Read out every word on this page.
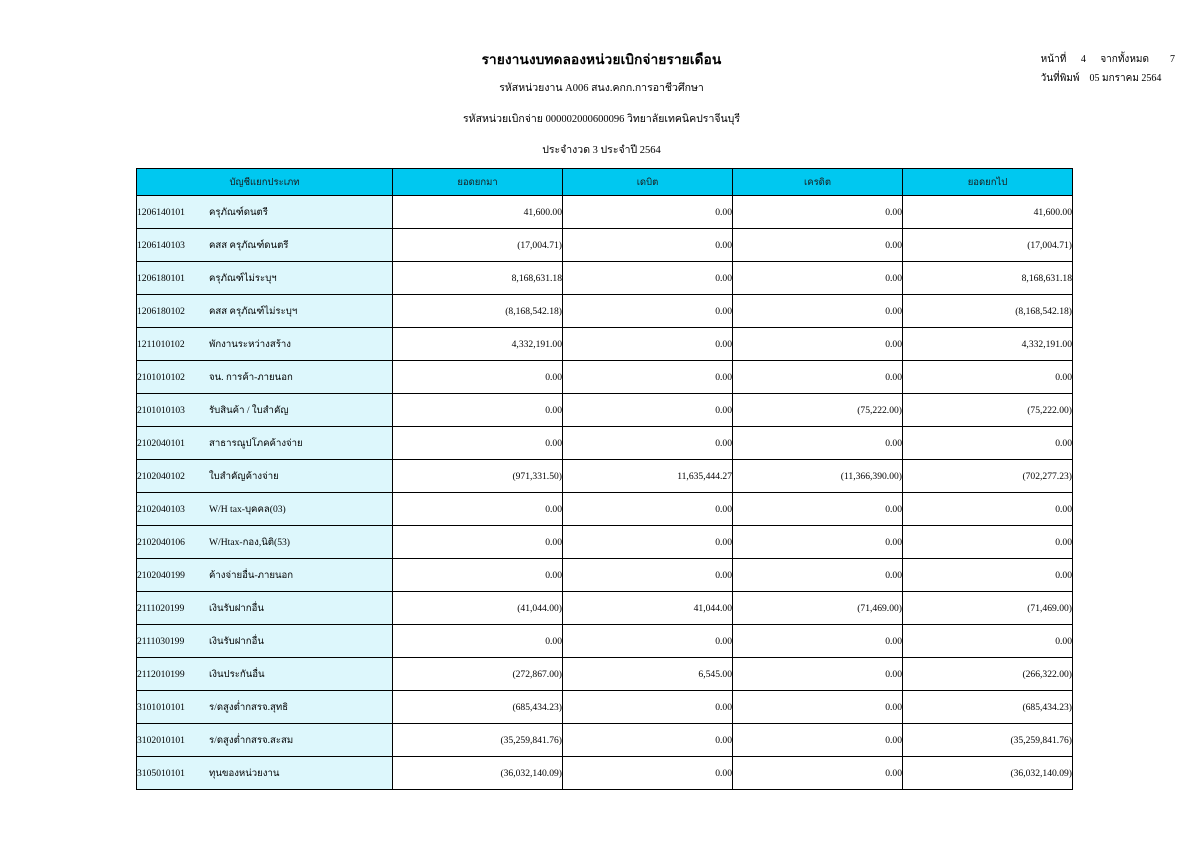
รายงานงบทดลองหน่วยเบิกจ่ายรายเดือน
รหัสหน่วยงาน A006 สนง.คกก.การอาชีวศึกษา
รหัสหน่วยเบิกจ่าย 000002000600096 วิทยาลัยเทคนิคปราจีนบุรี
ประจำงวด 3 ประจำปี 2564
หน้าที่ 4 จากทั้งหมด 7
วันที่พิมพ์ 05 มกราคม 2564
บัญชีแยกประเภท	ยอดยกมา	เดบิต	เครดิต	ยอดยกไป
1206140101 ครุภัณฑ์ดนตรี	41,600.00	0.00	0.00	41,600.00
1206140103 คสส ครุภัณฑ์ดนตรี	(17,004.71)	0.00	0.00	(17,004.71)
1206180101 ครุภัณฑ์ไม่ระบุฯ	8,168,631.18	0.00	0.00	8,168,631.18
1206180102 คสส ครุภัณฑ์ไม่ระบุฯ	(8,168,542.18)	0.00	0.00	(8,168,542.18)
1211010102 พักงานระหว่างสร้าง	4,332,191.00	0.00	0.00	4,332,191.00
2101010102 จน. การค้า-ภายนอก	0.00	0.00	0.00	0.00
2101010103 รับสินค้า / ใบสำคัญ	0.00	0.00	(75,222.00)	(75,222.00)
2102040101 สาธารณูปโภคค้างจ่าย	0.00	0.00	0.00	0.00
2102040102 ใบสำคัญค้างจ่าย	(971,331.50)	11,635,444.27	(11,366,390.00)	(702,277.23)
2102040103 W/H tax-บุคคล(03)	0.00	0.00	0.00	0.00
2102040106 W/Htax-กอง,นิติ(53)	0.00	0.00	0.00	0.00
2102040199 ค้างจ่ายอื่น-ภายนอก	0.00	0.00	0.00	0.00
2111020199 เงินรับฝากอื่น	(41,044.00)	41,044.00	(71,469.00)	(71,469.00)
2111030199 เงินรับฝากอื่น	0.00	0.00	0.00	0.00
2112010199 เงินประกันอื่น	(272,867.00)	6,545.00	0.00	(266,322.00)
3101010101 ร/ดสูงต่ำกสรจ.สุทธิ	(685,434.23)	0.00	0.00	(685,434.23)
3102010101 ร/ดสูงต่ำกสรจ.สะสม	(35,259,841.76)	0.00	0.00	(35,259,841.76)
3105010101 ทุนของหน่วยงาน	(36,032,140.09)	0.00	0.00	(36,032,140.09)
